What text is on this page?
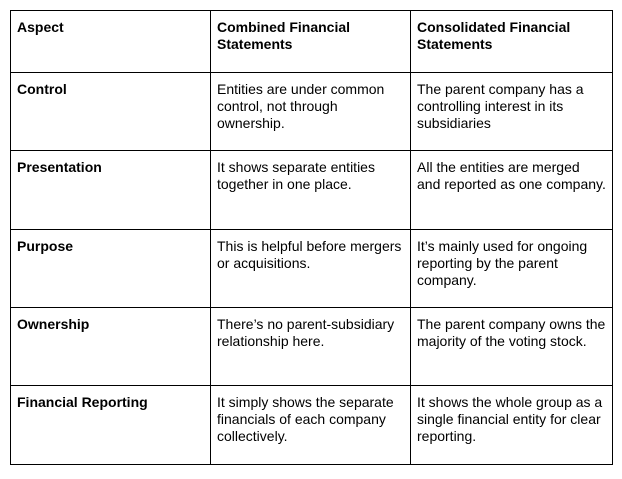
Aspect	Combined Financial Statements	Consolidated Financial Statements
Control	Entities are under common control, not through ownership.	The parent company has a controlling interest in its subsidiaries
Presentation	It shows separate entities together in one place.	All the entities are merged and reported as one company.
Purpose	This is helpful before mergers or acquisitions.	It’s mainly used for ongoing reporting by the parent company.
Ownership	There’s no parent-subsidiary relationship here.	The parent company owns the majority of the voting stock.
Financial Reporting	It simply shows the separate financials of each company collectively.	It shows the whole group as a single financial entity for clear reporting.
